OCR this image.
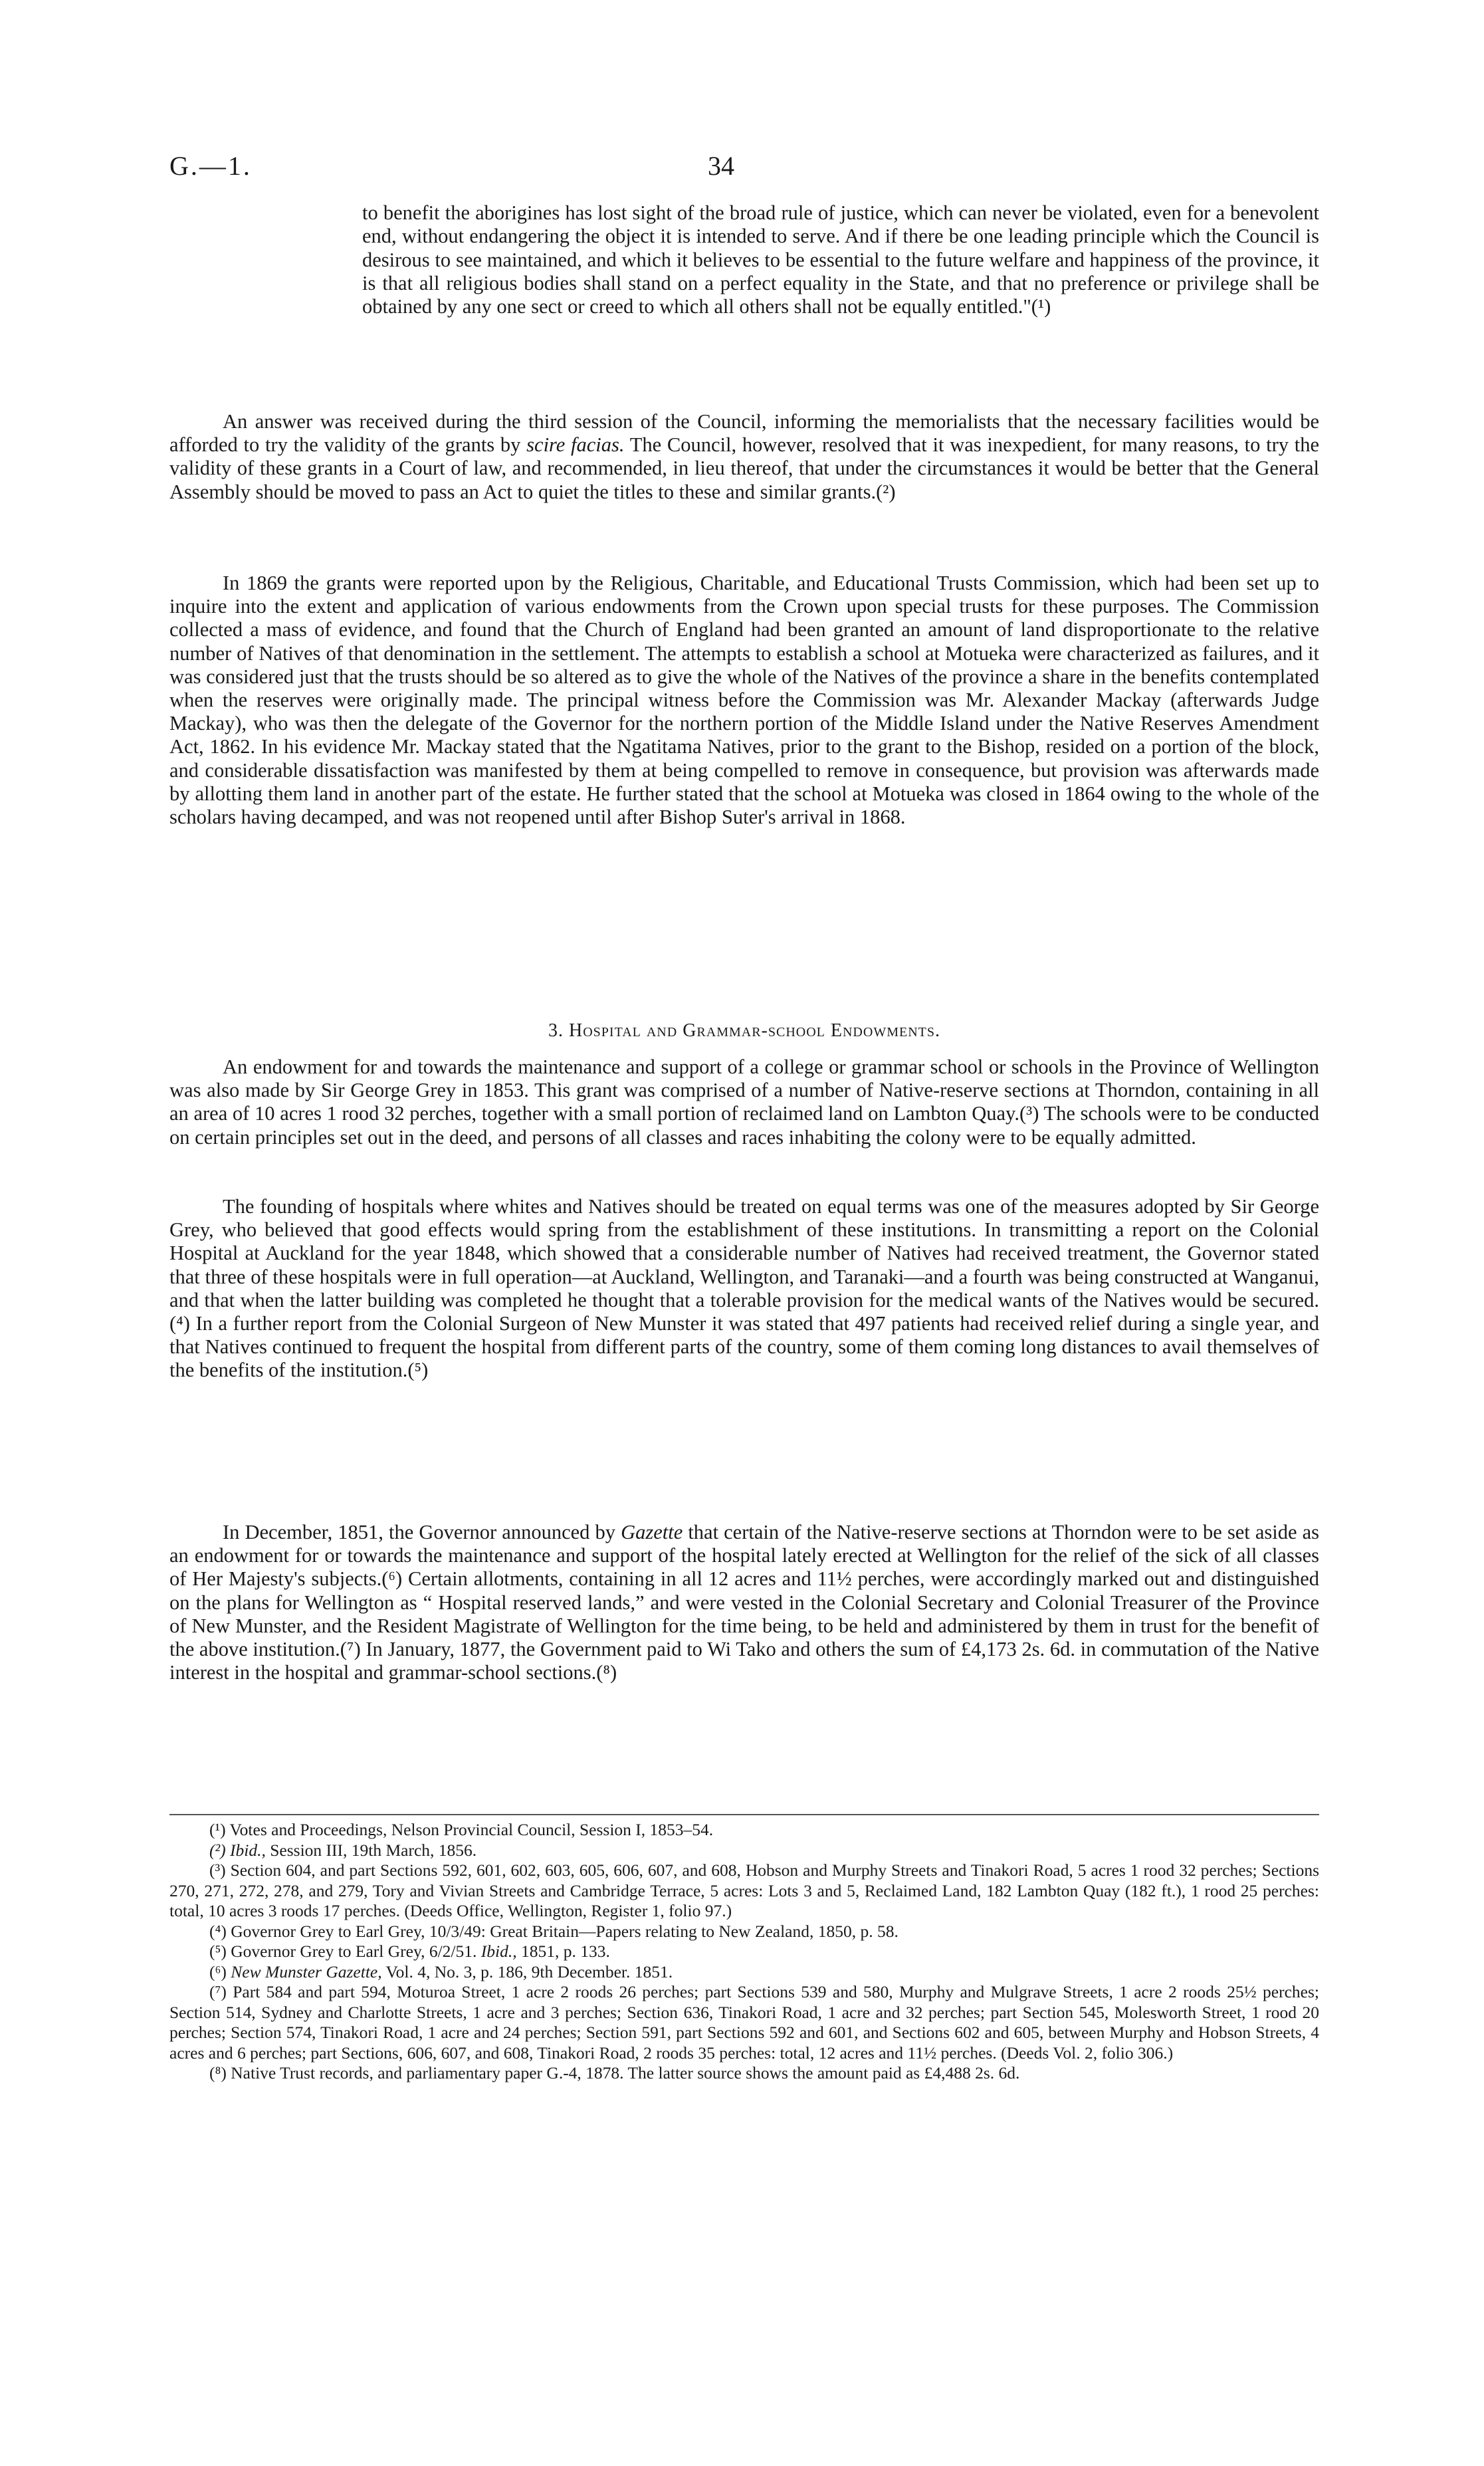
G.—1.	34

to benefit the aborigines has lost sight of the broad rule of justice, which can never be violated, even for a benevolent end, without endangering the object it is intended to serve. And if there be one leading principle which the Council is desirous to see maintained, and which it believes to be essential to the future welfare and happiness of the province, it is that all religious bodies shall stand on a perfect equality in the State, and that no preference or privilege shall be obtained by any one sect or creed to which all others shall not be equally entitled."(¹)

An answer was received during the third session of the Council, informing the memorialists that the necessary facilities would be afforded to try the validity of the grants by scire facias. The Council, however, resolved that it was inexpedient, for many reasons, to try the validity of these grants in a Court of law, and recommended, in lieu thereof, that under the circumstances it would be better that the General Assembly should be moved to pass an Act to quiet the titles to these and similar grants.(²)

In 1869 the grants were reported upon by the Religious, Charitable, and Educational Trusts Commission, which had been set up to inquire into the extent and application of various endowments from the Crown upon special trusts for these purposes. The Commission collected a mass of evidence, and found that the Church of England had been granted an amount of land disproportionate to the relative number of Natives of that denomination in the settlement. The attempts to establish a school at Motueka were characterized as failures, and it was considered just that the trusts should be so altered as to give the whole of the Natives of the province a share in the benefits contemplated when the reserves were originally made. The principal witness before the Commission was Mr. Alexander Mackay (afterwards Judge Mackay), who was then the delegate of the Governor for the northern portion of the Middle Island under the Native Reserves Amendment Act, 1862. In his evidence Mr. Mackay stated that the Ngatitama Natives, prior to the grant to the Bishop, resided on a portion of the block, and considerable dissatisfaction was manifested by them at being compelled to remove in consequence, but provision was afterwards made by allotting them land in another part of the estate. He further stated that the school at Motueka was closed in 1864 owing to the whole of the scholars having decamped, and was not reopened until after Bishop Suter's arrival in 1868.

3. Hospital and Grammar-school Endowments.

An endowment for and towards the maintenance and support of a college or grammar school or schools in the Province of Wellington was also made by Sir George Grey in 1853. This grant was comprised of a number of Native-reserve sections at Thorndon, containing in all an area of 10 acres 1 rood 32 perches, together with a small portion of reclaimed land on Lambton Quay.(³) The schools were to be conducted on certain principles set out in the deed, and persons of all classes and races inhabiting the colony were to be equally admitted.

The founding of hospitals where whites and Natives should be treated on equal terms was one of the measures adopted by Sir George Grey, who believed that good effects would spring from the establishment of these institutions. In transmitting a report on the Colonial Hospital at Auckland for the year 1848, which showed that a considerable number of Natives had received treatment, the Governor stated that three of these hospitals were in full operation—at Auckland, Wellington, and Taranaki—and a fourth was being constructed at Wanganui, and that when the latter building was completed he thought that a tolerable provision for the medical wants of the Natives would be secured.(⁴) In a further report from the Colonial Surgeon of New Munster it was stated that 497 patients had received relief during a single year, and that Natives continued to frequent the hospital from different parts of the country, some of them coming long distances to avail themselves of the benefits of the institution.(⁵)

In December, 1851, the Governor announced by Gazette that certain of the Native-reserve sections at Thorndon were to be set aside as an endowment for or towards the maintenance and support of the hospital lately erected at Wellington for the relief of the sick of all classes of Her Majesty's subjects.(⁶) Certain allotments, containing in all 12 acres and 11½ perches, were accordingly marked out and distinguished on the plans for Wellington as “ Hospital reserved lands,” and were vested in the Colonial Secretary and Colonial Treasurer of the Province of New Munster, and the Resident Magistrate of Wellington for the time being, to be held and administered by them in trust for the benefit of the above institution.(⁷) In January, 1877, the Government paid to Wi Tako and others the sum of £4,173 2s. 6d. in commutation of the Native interest in the hospital and grammar-school sections.(⁸)

(¹) Votes and Proceedings, Nelson Provincial Council, Session I, 1853–54.

(²) Ibid., Session III, 19th March, 1856.

(³) Section 604, and part Sections 592, 601, 602, 603, 605, 606, 607, and 608, Hobson and Murphy Streets and Tinakori Road, 5 acres 1 rood 32 perches; Sections 270, 271, 272, 278, and 279, Tory and Vivian Streets and Cambridge Terrace, 5 acres: Lots 3 and 5, Reclaimed Land, 182 Lambton Quay (182 ft.), 1 rood 25 perches: total, 10 acres 3 roods 17 perches. (Deeds Office, Wellington, Register 1, folio 97.)

(⁴) Governor Grey to Earl Grey, 10/3/49: Great Britain—Papers relating to New Zealand, 1850, p. 58.

(⁵) Governor Grey to Earl Grey, 6/2/51. Ibid., 1851, p. 133.

(⁶) New Munster Gazette, Vol. 4, No. 3, p. 186, 9th December. 1851.

(⁷) Part 584 and part 594, Moturoa Street, 1 acre 2 roods 26 perches; part Sections 539 and 580, Murphy and Mulgrave Streets, 1 acre 2 roods 25½ perches; Section 514, Sydney and Charlotte Streets, 1 acre and 3 perches; Section 636, Tinakori Road, 1 acre and 32 perches; part Section 545, Molesworth Street, 1 rood 20 perches; Section 574, Tinakori Road, 1 acre and 24 perches; Section 591, part Sections 592 and 601, and Sections 602 and 605, between Murphy and Hobson Streets, 4 acres and 6 perches; part Sections, 606, 607, and 608, Tinakori Road, 2 roods 35 perches: total, 12 acres and 11½ perches. (Deeds Vol. 2, folio 306.)

(⁸) Native Trust records, and parliamentary paper G.-4, 1878. The latter source shows the amount paid as £4,488 2s. 6d.
